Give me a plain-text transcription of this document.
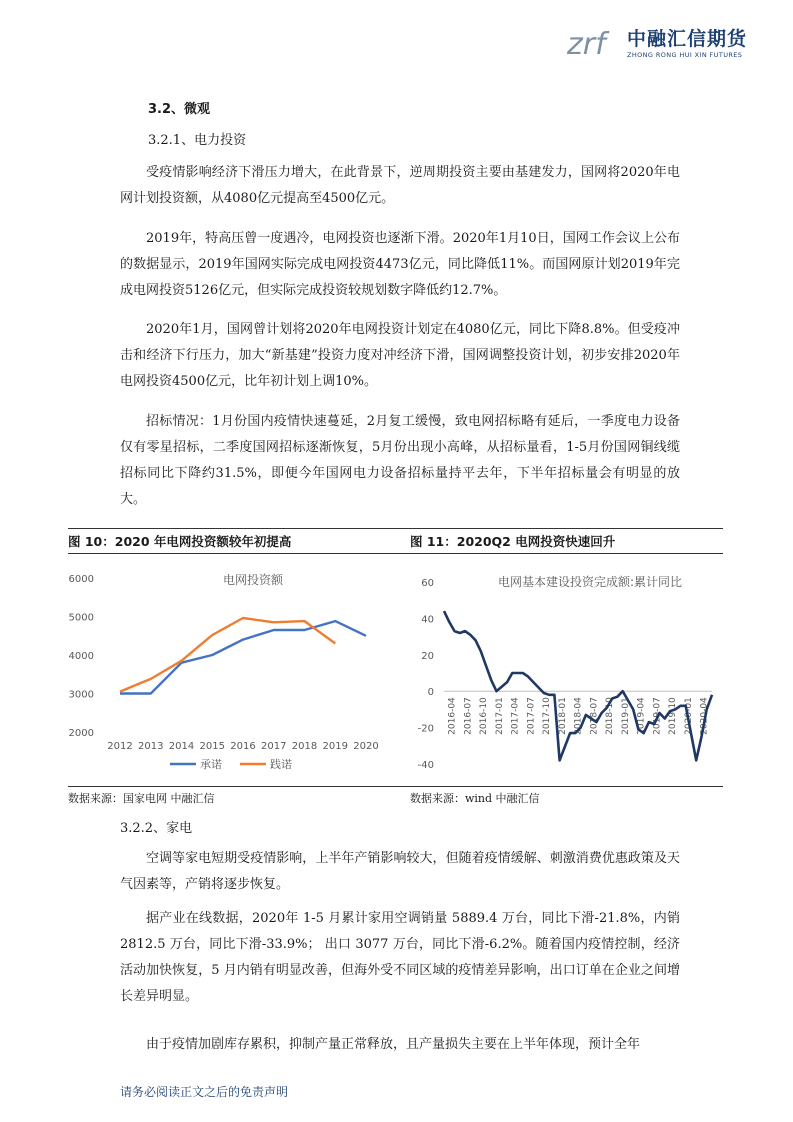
zrf 中融汇信期货
ZHONG RONG HUI XIN FUTURES
3.2、微观
3.2.1、电力投资
受疫情影响经济下滑压力增大，在此背景下，逆周期投资主要由基建发力，国网将2020年电网计划投资额，从4080亿元提高至4500亿元。
2019年，特高压曾一度遇冷，电网投资也逐渐下滑。2020年1月10日，国网工作会议上公布的数据显示，2019年国网实际完成电网投资4473亿元，同比降低11%。而国网原计划2019年完成电网投资5126亿元，但实际完成投资较规划数字降低约12.7%。
2020年1月，国网曾计划将2020年电网投资计划定在4080亿元，同比下降8.8%。但受疫冲击和经济下行压力，加大“新基建”投资力度对冲经济下滑，国网调整投资计划，初步安排2020年电网投资4500亿元，比年初计划上调10%。
招标情况：1月份国内疫情快速蔓延，2月复工缓慢，致电网招标略有延后，一季度电力设备仅有零星招标，二季度国网招标逐渐恢复，5月份出现小高峰，从招标量看，1-5月份国网铜线缆招标同比下降约31.5%，即便今年国网电力设备招标量持平去年，下半年招标量会有明显的放大。
图 10：2020 年电网投资额较年初提高	图 11：2020Q2 电网投资快速回升
电网投资额
2000
3000
4000
5000
6000
2012 2013 2014 2015 2016 2017 2018 2019 2020
承诺	践诺
电网基本建设投资完成额:累计同比
60
40
20
0
-20
-40
2016-04 2016-07 2016-10 2017-01 2017-04 2017-07 2017-10 2018-01 2018-04 2018-07 2018-10 2019-01 2019-04 2019-07 2019-10 2020-01 2020-04
数据来源：国家电网 中融汇信	数据来源：wind 中融汇信
3.2.2、家电
空调等家电短期受疫情影响，上半年产销影响较大，但随着疫情缓解、刺激消费优惠政策及天气因素等，产销将逐步恢复。
据产业在线数据，2020年 1-5 月累计家用空调销量 5889.4 万台，同比下滑-21.8%，内销 2812.5 万台，同比下滑-33.9%； 出口 3077 万台，同比下滑-6.2%。随着国内疫情控制，经济活动加快恢复，5 月内销有明显改善，但海外受不同区域的疫情差异影响，出口订单在企业之间增长差异明显。
由于疫情加剧库存累积，抑制产量正常释放，且产量损失主要在上半年体现，预计全年
请务必阅读正文之后的免责声明
